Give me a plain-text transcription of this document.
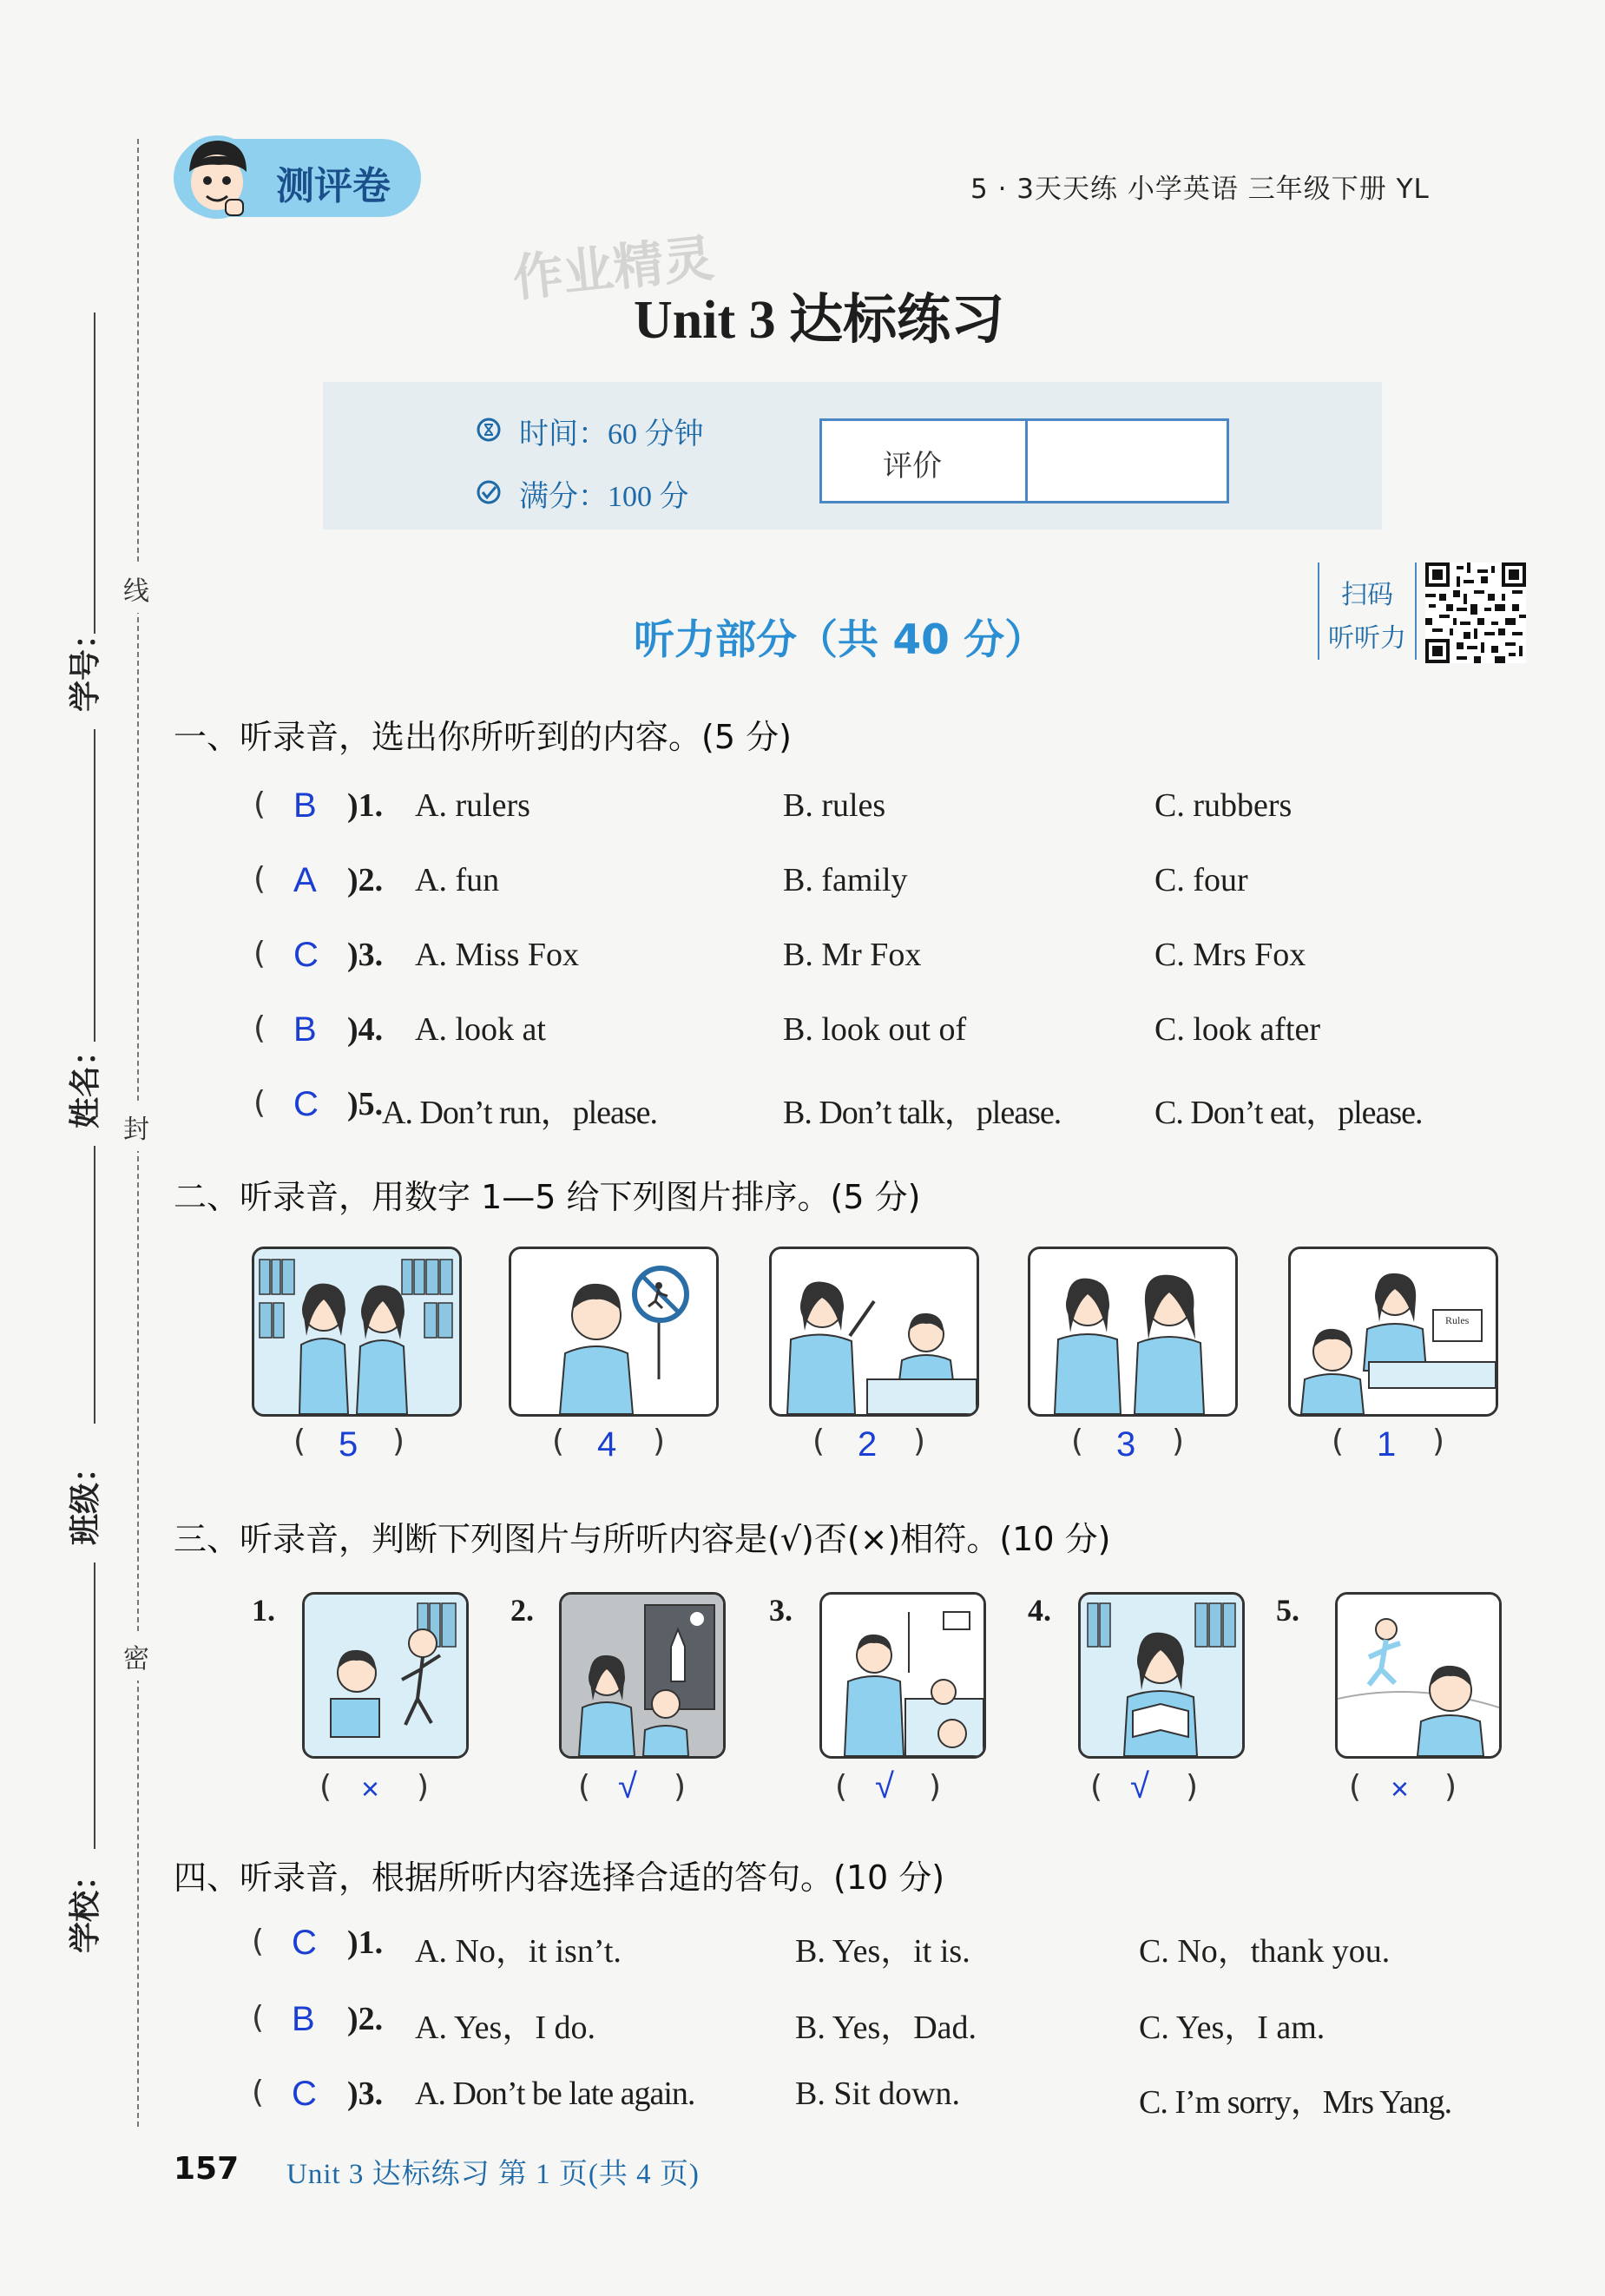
线
封
密
学号：
姓名：
班级：
学校：
测评卷	5 · 3天天练 小学英语 三年级下册 YL
作业精灵
Unit 3 达标练习
时间：60 分钟
满分：100 分
评价
听力部分（共 40 分）
扫码
听听力
一、听录音，选出你所听到的内容。(5 分)
( B )1. A. rulers	B. rules	C. rubbers
( A )2. A. fun	B. family	C. four
( C )3. A. Miss Fox	B. Mr Fox	C. Mrs Fox
( B )4. A. look at	B. look out of	C. look after
( C )5.
A. Don’t run，please.	B. Don’t talk，please.	C. Don’t eat，please.
二、听录音，用数字 1—5 给下列图片排序。(5 分)
Rules
( 5 )	( 4 )	( 2 )	( 3 )	( 1 )
三、听录音，判断下列图片与所听内容是(√)否(×)相符。(10 分)
1.	2.	3.	4.	5.
( × )	( √ )	( √ )	( √ )	( × )
四、听录音，根据所听内容选择合适的答句。(10 分)
( C )1. A. No，it isn’t.	B. Yes，it is.	C. No，thank you.
( B )2. A. Yes，I do.	B. Yes，Dad.	C. Yes，I am.
( C )3. A. Don’t be late again.	B. Sit down.	C. I’m sorry，Mrs Yang.
157 Unit 3 达标练习 第 1 页(共 4 页)
